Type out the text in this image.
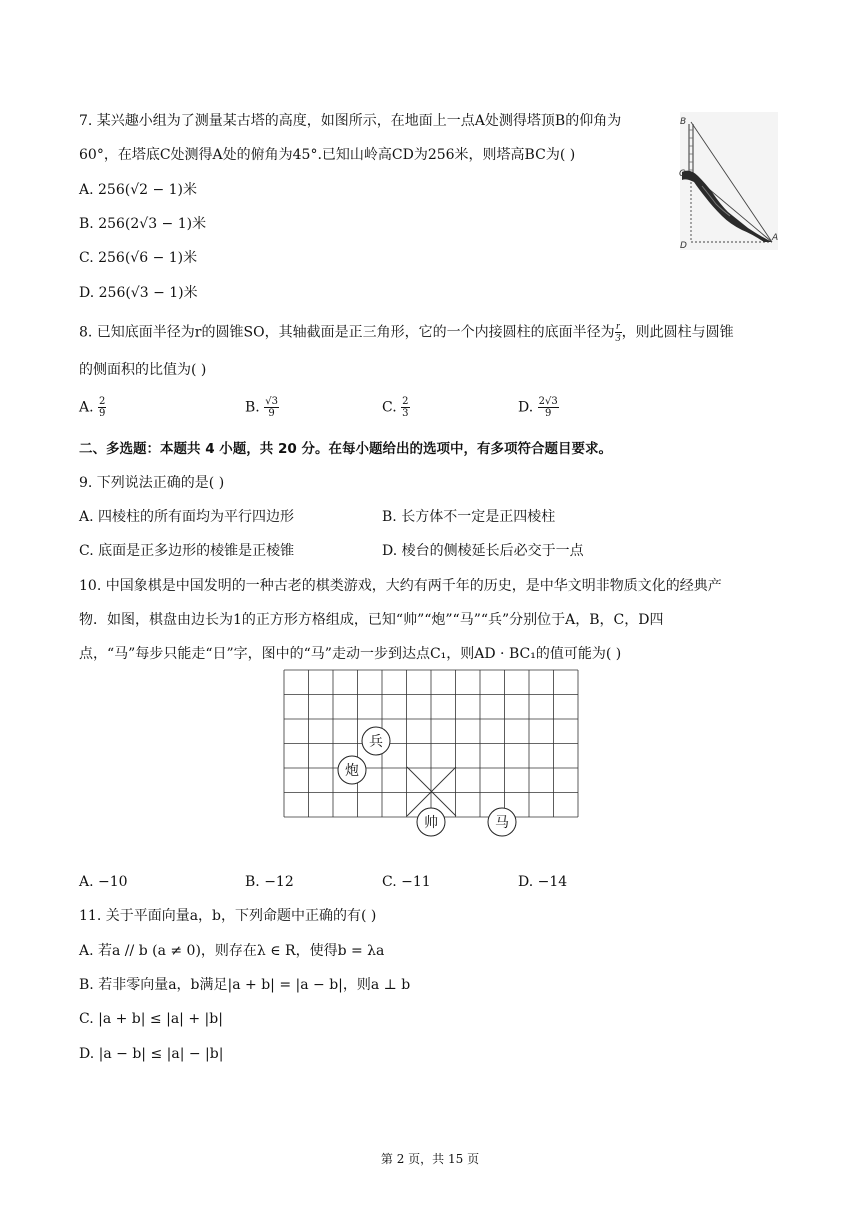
7. 某兴趣小组为了测量某古塔的高度，如图所示，在地面上一点A处测得塔顶B的仰角为
60°，在塔底C处测得A处的俯角为45°.已知山岭高CD为256米，则塔高BC为( )
A. 256(√2 − 1)米
B. 256(2√3 − 1)米
C. 256(√6 − 1)米
D. 256(√3 − 1)米
B
C
D
A
8. 已知底面半径为r的圆锥SO，其轴截面是正三角形，它的一个内接圆柱的底面半径为 $\frac{r}{3}$ ，则此圆柱与圆锥
的侧面积的比值为( )
A. $\frac{2}{9}$	B. $\frac{√3}{9}$	C. $\frac{2}{3}$	D. $\frac{2√3}{9}$
二、多选题：本题共 4 小题，共 20 分。在每小题给出的选项中，有多项符合题目要求。
9. 下列说法正确的是( )
A. 四棱柱的所有面均为平行四边形	B. 长方体不一定是正四棱柱
C. 底面是正多边形的棱锥是正棱锥	D. 棱台的侧棱延长后必交于一点
10. 中国象棋是中国发明的一种古老的棋类游戏，大约有两千年的历史，是中华文明非物质文化的经典产
物．如图，棋盘由边长为1的正方形方格组成，已知“帅”“炮”“马”“兵”分别位于A，B，C，D四
点，“马”每步只能走“日”字，图中的“马”走动一步到达点C₁，则AD · BC₁的值可能为( )
兵
炮
帅	马
A. −10	B. −12	C. −11	D. −14
11. 关于平面向量a，b，下列命题中正确的有( )
A. 若a // b (a ≠ 0)，则存在λ ∈ R，使得b = λa
B. 若非零向量a，b满足|a + b| = |a − b|，则a ⊥ b
C. |a + b| ≤ |a| + |b|
D. |a − b| ≤ |a| − |b|
第 2 页，共 15 页
